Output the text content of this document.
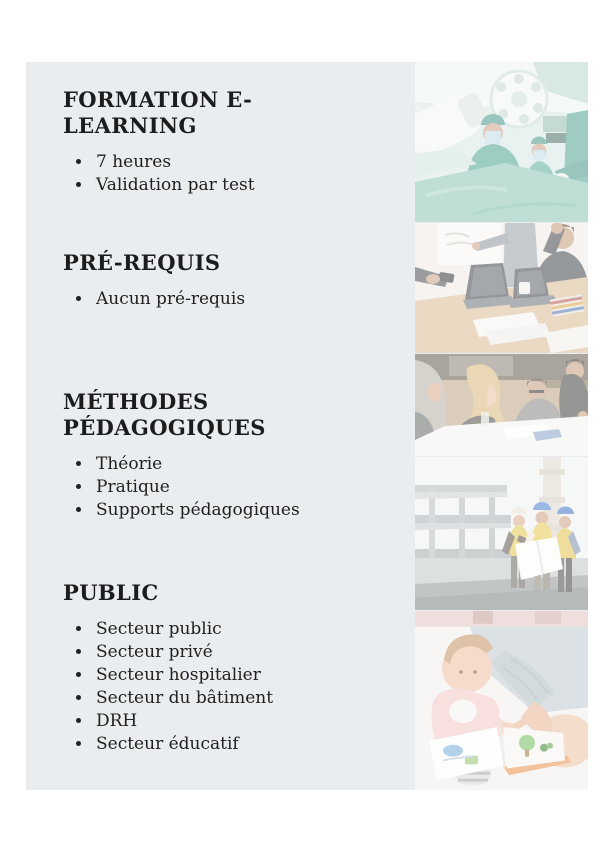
FORMATION E-LEARNING
• 7 heures
• Validation par test
PRÉ-REQUIS
• Aucun pré-requis
MÉTHODES PÉDAGOGIQUES
• Théorie
• Pratique
• Supports pédagogiques
PUBLIC
• Secteur public
• Secteur privé
• Secteur hospitalier
• Secteur du bâtiment
• DRH
• Secteur éducatif
